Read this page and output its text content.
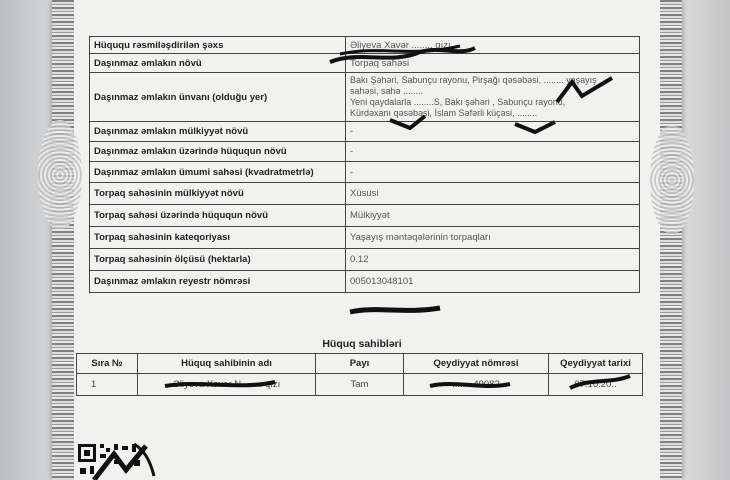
Hüququ rəsmiləşdirilən şəxs	Əliyeva Xavər ........ qızı
Daşınmaz əmlakın növü	Torpaq sahəsi
Daşınmaz əmlakın ünvanı (olduğu yer)	Bakı Şəhəri, Sabunçu rayonu, Pirşağı qəsəbəsi, ........ yaşayış
sahəsi, sahə ........
Yeni qaydalarla ........S, Bakı şəhəri , Sabunçu rayonu,
Kürdəxanı qəsəbəsi, İslam Səfərli küçəsi, ........

Daşınmaz əmlakın mülkiyyət növü	-
Daşınmaz əmlakın üzərində hüququn növü	-
Daşınmaz əmlakın ümumi sahəsi (kvadratmetrlə)	-
Torpaq sahəsinin mülkiyyət növü	Xüsusi
Torpaq sahəsi üzərində hüququn növü	Mülkiyyət
Torpaq sahəsinin kateqoriyası	Yaşayış məntəqələrinin torpaqları
Torpaq sahəsinin ölçüsü (hektarla)	0.12
Daşınmaz əmlakın reyestr nömrəsi	005013048101
Hüquq sahibləri
Sıra №	Hüquq sahibinin adı	Payı	Qeydiyyat nömrəsi	Qeydiyyat tarixi
1	Əliyeva Xavər N........ qızı	Tam	........49082	07.10.20..
